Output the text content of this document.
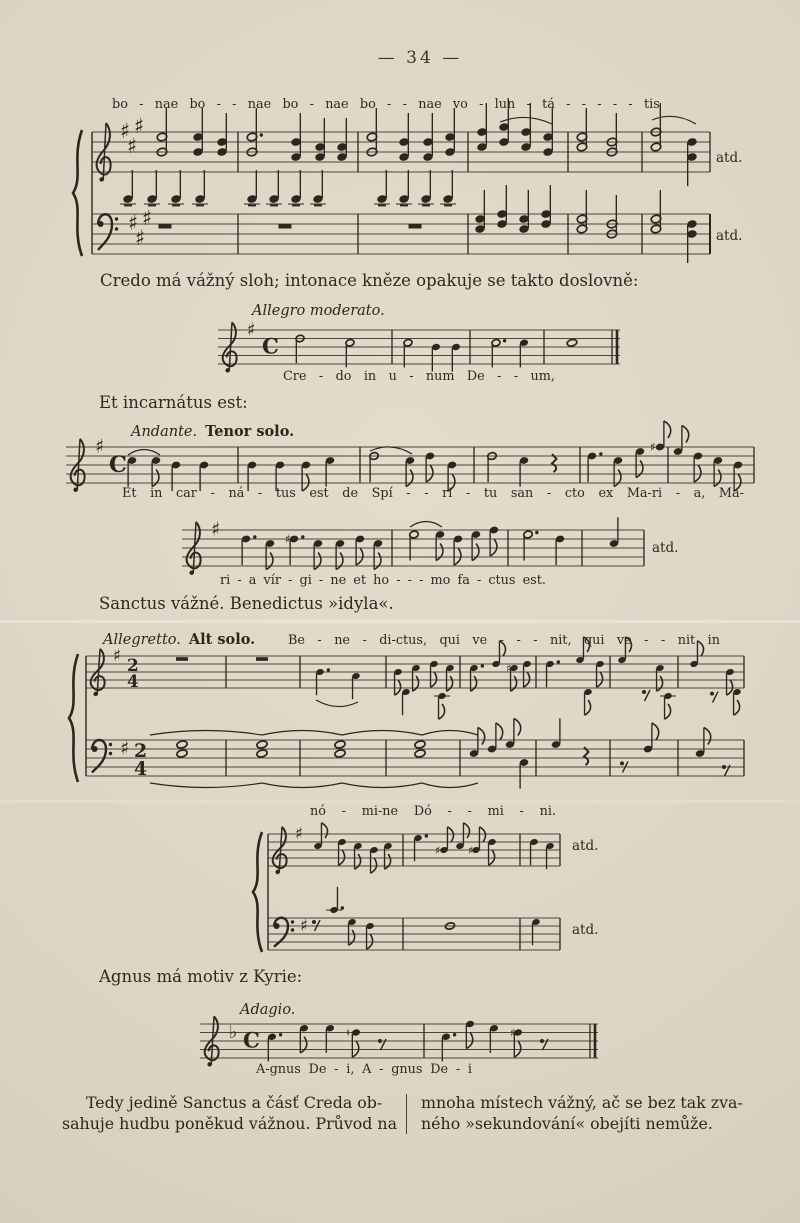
♯
♯
♯
♯
♯
♯
♯
C
♯
C
♯
♯	♯
♯
2
4
♯ 2
4
♯
♯
♯
♯	♯
♭ C	♮	♯
— 34 —
bo - nae bo - - nae bo - nae bo - - nae vo - lun - tá - - - - - tis
atd.
atd.
Credo má vážný sloh; intonace kněze opakuje se takto doslovně:
Allegro moderato.
Cre - do in u - num De - - um,
Et incarnátus est:
Andante. Tenor solo.
Et in car - ná - tus est de Spí - - ri - tu san - cto ex Ma-ri - a, Ma-
ri - a vír - gi - ne et ho - - - mo fa - ctus est.
atd.
Sanctus vážné. Benedictus »idyla«.
Allegretto. Alt solo.	Be - ne - di-ctus, qui ve - - - nit, qui ve - - nit in
nó - mi-ne Dó - - mi - ni.
atd.
atd.
Agnus má motiv z Kyrie:
Adagio.
A-gnus De - i, A - gnus De - i
Tedy jedině Sanctus a čásť Creda ob-
sahuje hudbu poněkud vážnou. Průvod na
mnoha místech vážný, ač se bez tak zva-
ného »sekundování« obejíti nemůže.
